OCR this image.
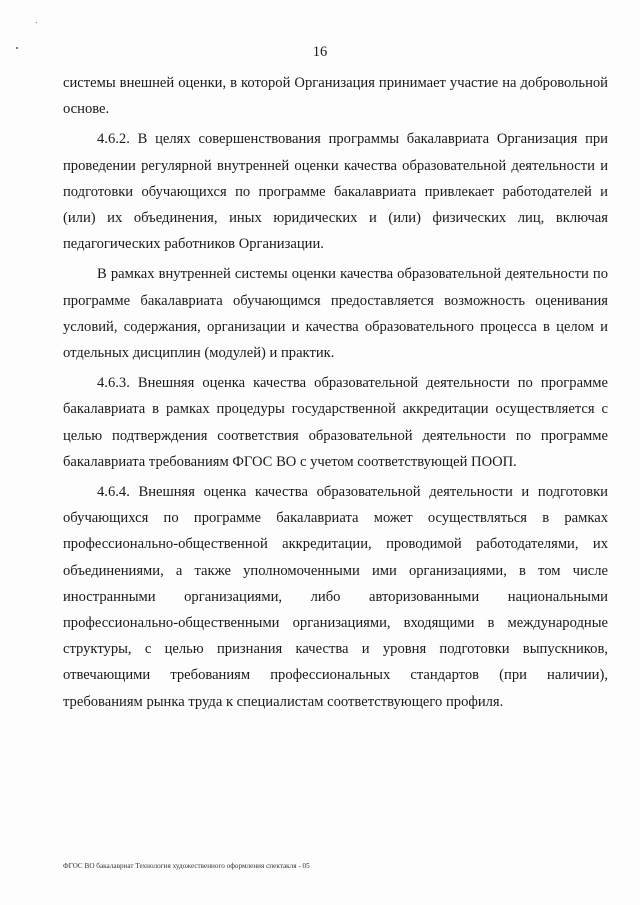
16

системы внешней оценки, в которой Организация принимает участие на добровольной основе.

4.6.2. В целях совершенствования программы бакалавриата Организация при проведении регулярной внутренней оценки качества образовательной деятельности и подготовки обучающихся по программе бакалавриата привлекает работодателей и (или) их объединения, иных юридических и (или) физических лиц, включая педагогических работников Организации.

В рамках внутренней системы оценки качества образовательной деятельности по программе бакалавриата обучающимся предоставляется возможность оценивания условий, содержания, организации и качества образовательного процесса в целом и отдельных дисциплин (модулей) и практик.

4.6.3. Внешняя оценка качества образовательной деятельности по программе бакалавриата в рамках процедуры государственной аккредитации осуществляется с целью подтверждения соответствия образовательной деятельности по программе бакалавриата требованиям ФГОС ВО с учетом соответствующей ПООП.

4.6.4. Внешняя оценка качества образовательной деятельности и подготовки обучающихся по программе бакалавриата может осуществляться в рамках профессионально-общественной аккредитации, проводимой работодателями, их объединениями, а также уполномоченными ими организациями, в том числе иностранными организациями, либо авторизованными национальными профессионально-общественными организациями, входящими в международные структуры, с целью признания качества и уровня подготовки выпускников, отвечающими требованиям профессиональных стандартов (при наличии), требованиям рынка труда к специалистам соответствующего профиля.

ФГОС ВО бакалавриат Технология художественного оформления спектакля - 05
